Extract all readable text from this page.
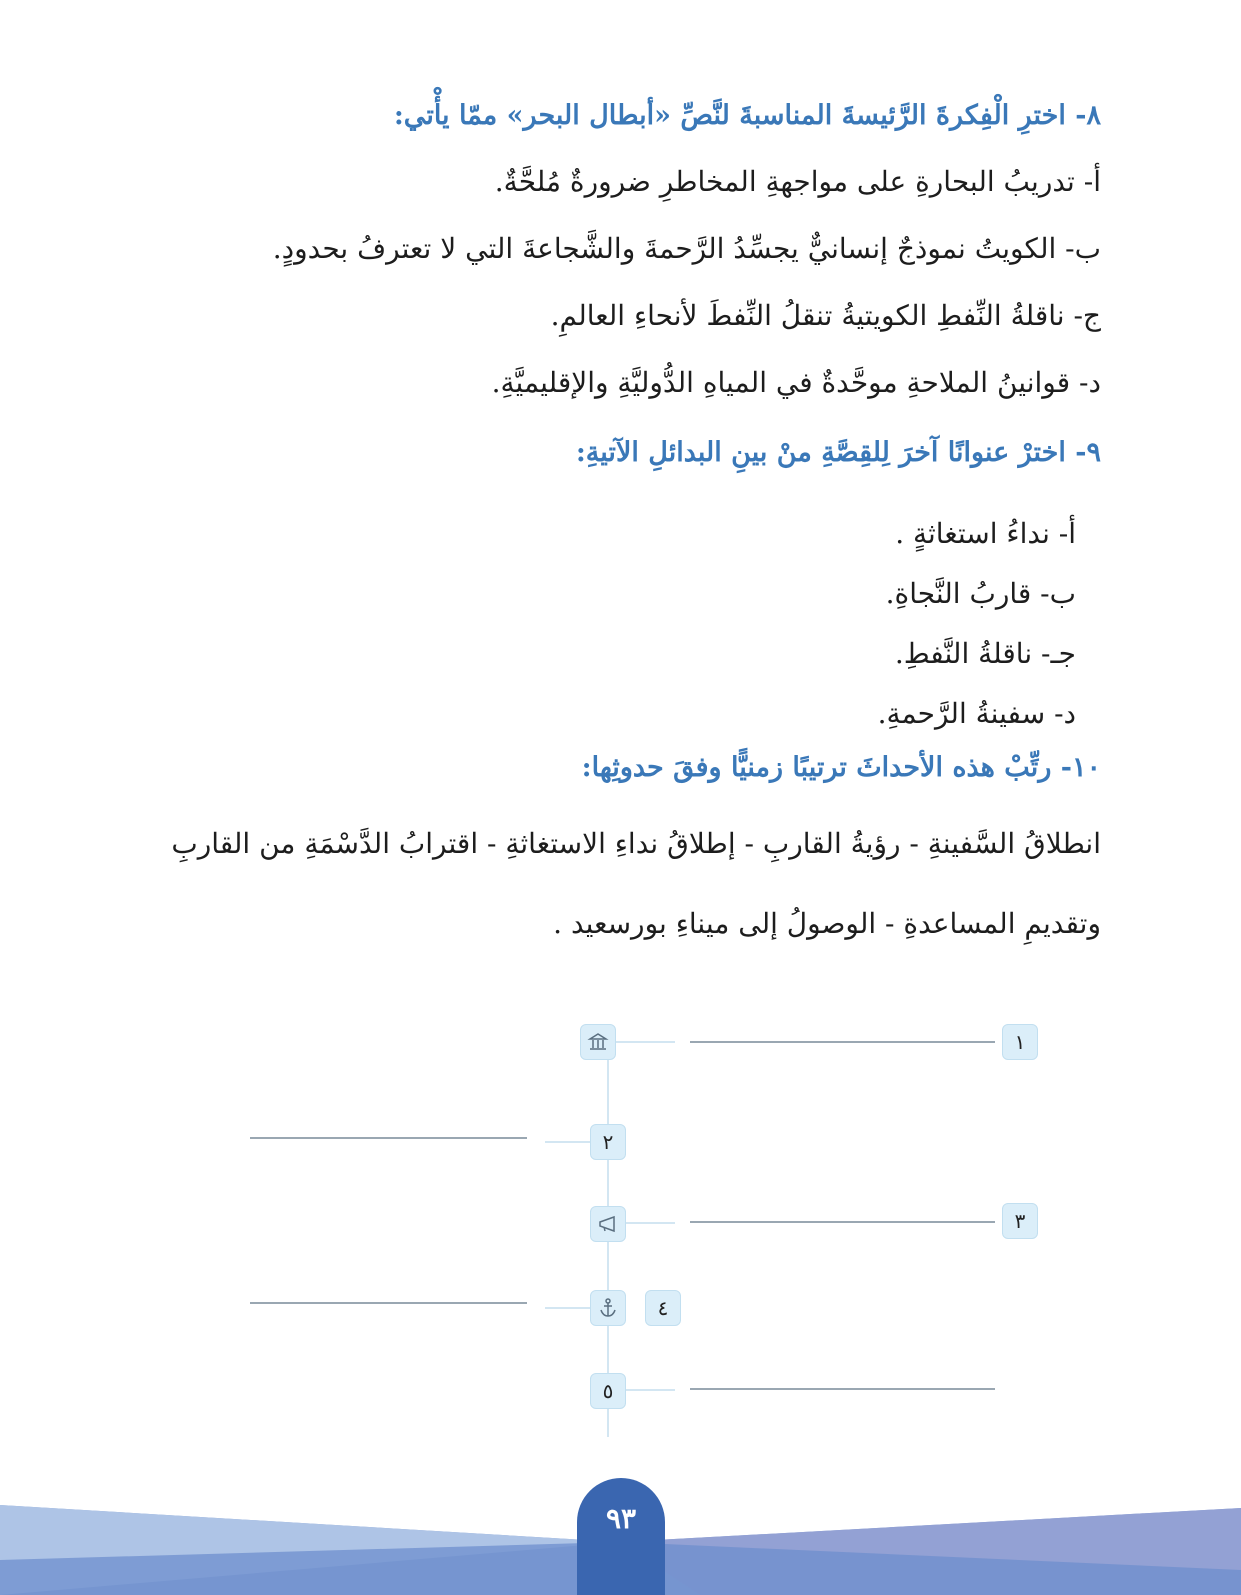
٨- اخترِ الْفِكرةَ الرَّئيسةَ المناسبةَ لنَّصِّ «أبطال البحر» ممّا يأْتي:
أ- تدريبُ البحارةِ على مواجهةِ المخاطرِ ضرورةٌ مُلحَّةٌ.
ب- الكويتُ نموذجٌ إنسانيٌّ يجسِّدُ الرَّحمةَ والشَّجاعةَ التي لا تعترفُ بحدودٍ.
ج- ناقلةُ النِّفطِ الكويتيةُ تنقلُ النِّفطَ لأنحاءِ العالمِ.
د- قوانينُ الملاحةِ موحَّدةٌ في المياهِ الدُّوليَّةِ والإقليميَّةِ.
٩- اخترْ عنوانًا آخرَ لِلقِصَّةِ منْ بينِ البدائلِ الآتيةِ:
أ- نداءُ استغاثةٍ .
ب- قاربُ النَّجاةِ.
جـ- ناقلةُ النَّفطِ.
د- سفينةُ الرَّحمةِ.
١٠- رتِّبْ هذه الأحداثَ ترتيبًا زمنيًّا وفقَ حدوثِها:
انطلاقُ السَّفينةِ - رؤيةُ القاربِ - إطلاقُ نداءِ الاستغاثةِ - اقترابُ الدَّسْمَةِ من القاربِ
وتقديمِ المساعدةِ - الوصولُ إلى ميناءِ بورسعيد .
١
٢
٣
٤
٥
٩٣
